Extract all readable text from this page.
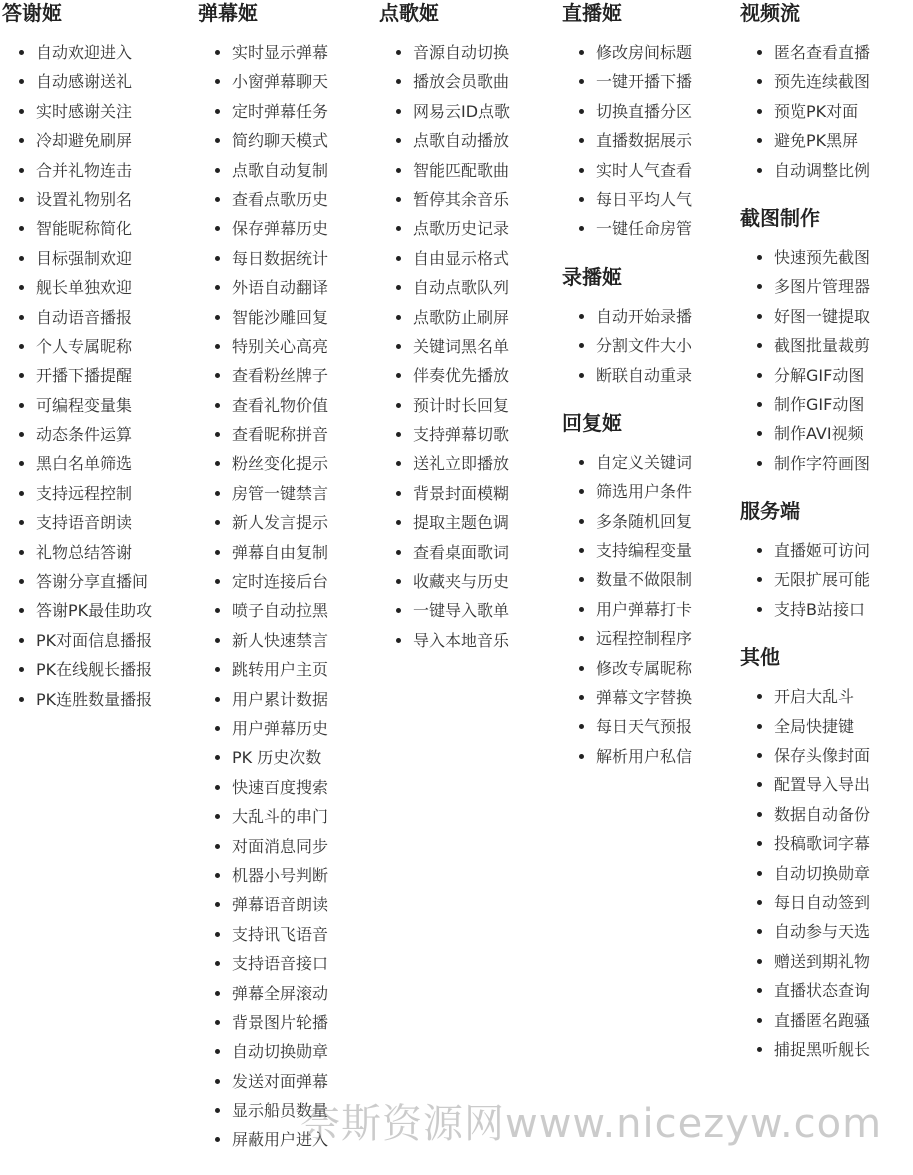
答谢姬
• 自动欢迎进入
• 自动感谢送礼
• 实时感谢关注
• 冷却避免刷屏
• 合并礼物连击
• 设置礼物别名
• 智能昵称简化
• 目标强制欢迎
• 舰长单独欢迎
• 自动语音播报
• 个人专属昵称
• 开播下播提醒
• 可编程变量集
• 动态条件运算
• 黑白名单筛选
• 支持远程控制
• 支持语音朗读
• 礼物总结答谢
• 答谢分享直播间
• 答谢PK最佳助攻
• PK对面信息播报
• PK在线舰长播报
• PK连胜数量播报
弹幕姬
• 实时显示弹幕
• 小窗弹幕聊天
• 定时弹幕任务
• 简约聊天模式
• 点歌自动复制
• 查看点歌历史
• 保存弹幕历史
• 每日数据统计
• 外语自动翻译
• 智能沙雕回复
• 特别关心高亮
• 查看粉丝牌子
• 查看礼物价值
• 查看昵称拼音
• 粉丝变化提示
• 房管一键禁言
• 新人发言提示
• 弹幕自由复制
• 定时连接后台
• 喷子自动拉黑
• 新人快速禁言
• 跳转用户主页
• 用户累计数据
• 用户弹幕历史
• PK 历史次数
• 快速百度搜索
• 大乱斗的串门
• 对面消息同步
• 机器小号判断
• 弹幕语音朗读
• 支持讯飞语音
• 支持语音接口
• 弹幕全屏滚动
• 背景图片轮播
• 自动切换勋章
• 发送对面弹幕
• 显示船员数量
• 屏蔽用户进入
点歌姬
• 音源自动切换
• 播放会员歌曲
• 网易云ID点歌
• 点歌自动播放
• 智能匹配歌曲
• 暂停其余音乐
• 点歌历史记录
• 自由显示格式
• 自动点歌队列
• 点歌防止刷屏
• 关键词黑名单
• 伴奏优先播放
• 预计时长回复
• 支持弹幕切歌
• 送礼立即播放
• 背景封面模糊
• 提取主题色调
• 查看桌面歌词
• 收藏夹与历史
• 一键导入歌单
• 导入本地音乐
直播姬
• 修改房间标题
• 一键开播下播
• 切换直播分区
• 直播数据展示
• 实时人气查看
• 每日平均人气
• 一键任命房管
录播姬
• 自动开始录播
• 分割文件大小
• 断联自动重录
回复姬
• 自定义关键词
• 筛选用户条件
• 多条随机回复
• 支持编程变量
• 数量不做限制
• 用户弹幕打卡
• 远程控制程序
• 修改专属昵称
• 弹幕文字替换
• 每日天气预报
• 解析用户私信
视频流
• 匿名查看直播
• 预先连续截图
• 预览PK对面
• 避免PK黑屏
• 自动调整比例
截图制作
• 快速预先截图
• 多图片管理器
• 好图一键提取
• 截图批量裁剪
• 分解GIF动图
• 制作GIF动图
• 制作AVI视频
• 制作字符画图
服务端
• 直播姬可访问
• 无限扩展可能
• 支持B站接口
其他
• 开启大乱斗
• 全局快捷键
• 保存头像封面
• 配置导入导出
• 数据自动备份
• 投稿歌词字幕
• 自动切换勋章
• 每日自动签到
• 自动参与天选
• 赠送到期礼物
• 直播状态查询
• 直播匿名跑骚
• 捕捉黑听舰长
奈斯资源网www.nicezyw.com
